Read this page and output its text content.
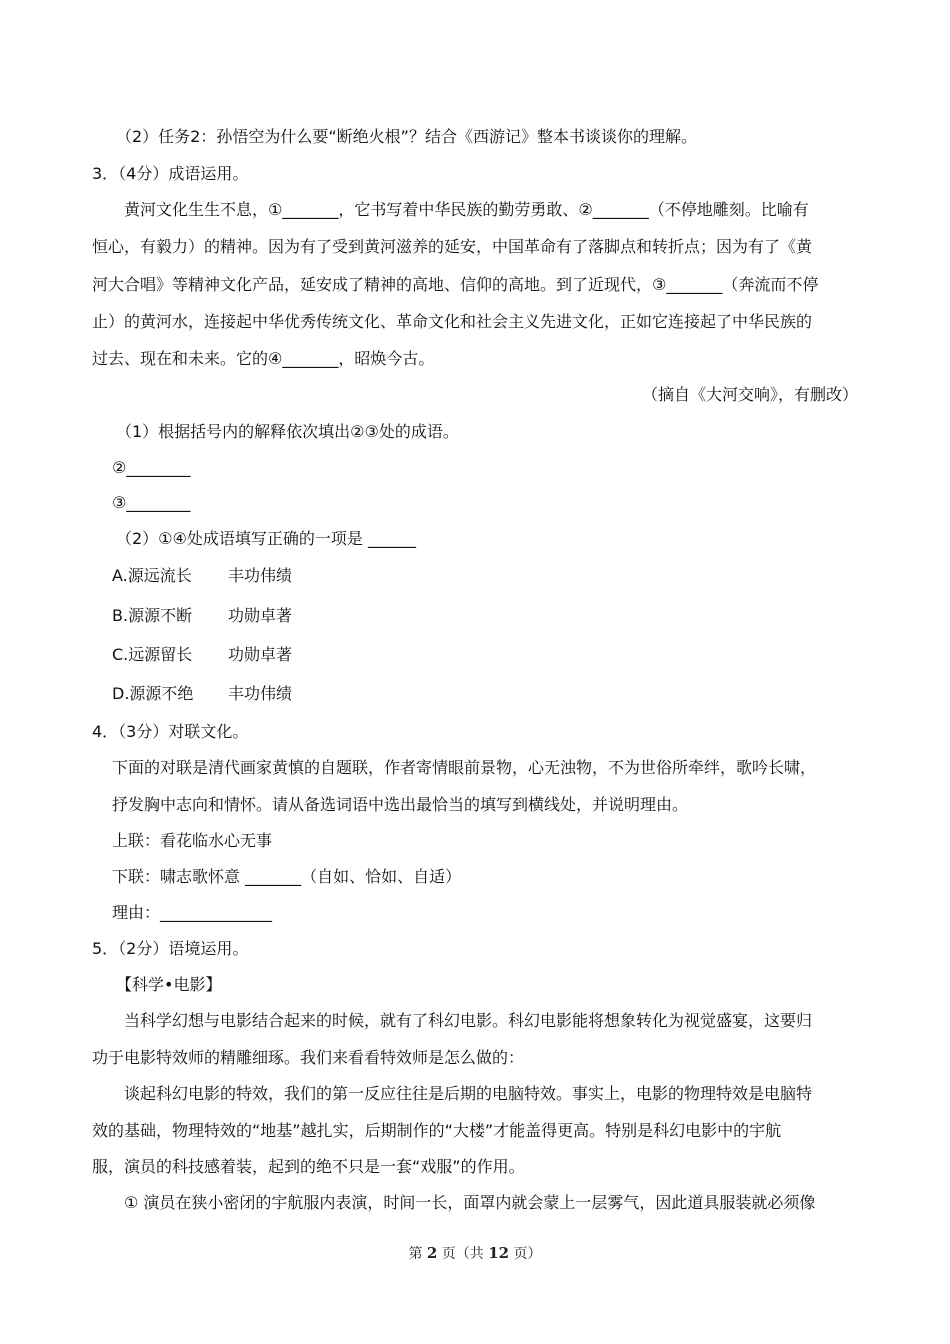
（2）任务2：孙悟空为什么要“断绝火根”？结合《西游记》整本书谈谈你的理解。
3．（4分）成语运用。
黄河文化生生不息，①_______，它书写着中华民族的勤劳勇敢、②_______（不停地雕刻。比喻有
恒心，有毅力）的精神。因为有了受到黄河滋养的延安，中国革命有了落脚点和转折点；因为有了《黄
河大合唱》等精神文化产品，延安成了精神的高地、信仰的高地。到了近现代，③_______（奔流而不停
止）的黄河水，连接起中华优秀传统文化、革命文化和社会主义先进文化，正如它连接起了中华民族的
过去、现在和未来。它的④_______，昭焕今古。
（摘自《大河交响》，有删改）
（1）根据括号内的解释依次填出②③处的成语。
②________
③________
（2）①④处成语填写正确的一项是 ______
A.源远流长 丰功伟绩
B.源源不断 功勋卓著
C.远源留长 功勋卓著
D.源源不绝 丰功伟绩
4．（3分）对联文化。
下面的对联是清代画家黄慎的自题联，作者寄情眼前景物，心无浊物，不为世俗所牵绊，歌吟长啸，
抒发胸中志向和情怀。请从备选词语中选出最恰当的填写到横线处，并说明理由。
上联：看花临水心无事
下联：啸志歌怀意 _______（自如、恰如、自适）
理由：______________
5．（2分）语境运用。
【科学•电影】
当科学幻想与电影结合起来的时候，就有了科幻电影。科幻电影能将想象转化为视觉盛宴，这要归
功于电影特效师的精雕细琢。我们来看看特效师是怎么做的：
谈起科幻电影的特效，我们的第一反应往往是后期的电脑特效。事实上，电影的物理特效是电脑特
效的基础，物理特效的“地基”越扎实，后期制作的“大楼”才能盖得更高。特别是科幻电影中的宇航
服，演员的科技感着装，起到的绝不只是一套“戏服”的作用。
① 演员在狭小密闭的宇航服内表演，时间一长，面罩内就会蒙上一层雾气，因此道具服装就必须像
第 2 页（共 12 页）
